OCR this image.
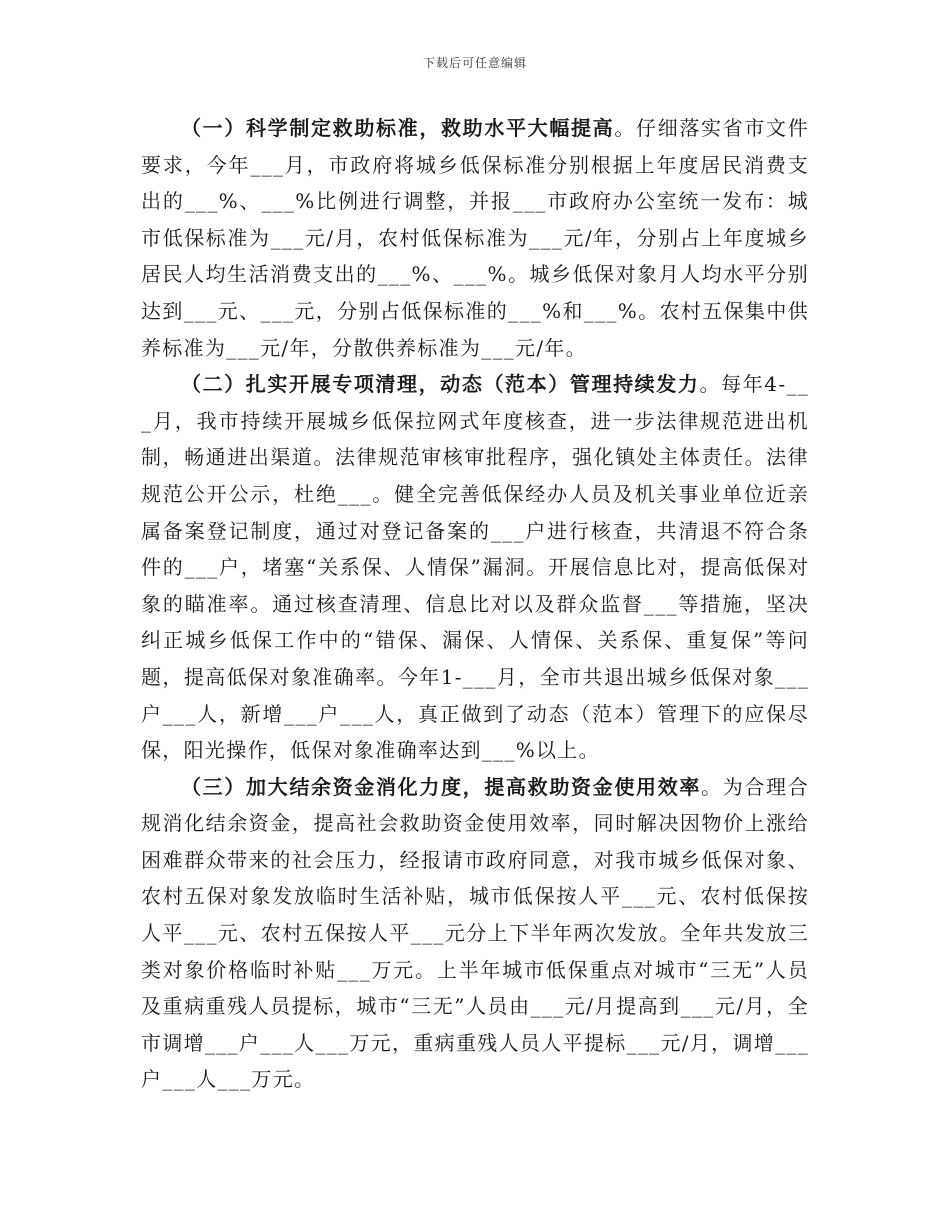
下载后可任意编辑

（一）科学制定救助标准，救助水平大幅提高。仔细落实省市文件要求，今年___月，市政府将城乡低保标准分别根据上年度居民消费支出的___%、___%比例进行调整，并报___市政府办公室统一发布：城市低保标准为___元/月，农村低保标准为___元/年，分别占上年度城乡居民人均生活消费支出的___%、___%。城乡低保对象月人均水平分别达到___元、___元，分别占低保标准的___%和___%。农村五保集中供养标准为___元/年，分散供养标准为___元/年。

（二）扎实开展专项清理，动态（范本）管理持续发力。每年4-___月，我市持续开展城乡低保拉网式年度核查，进一步法律规范进出机制，畅通进出渠道。法律规范审核审批程序，强化镇处主体责任。法律规范公开公示，杜绝___。健全完善低保经办人员及机关事业单位近亲属备案登记制度，通过对登记备案的___户进行核查，共清退不符合条件的___户，堵塞“关系保、人情保”漏洞。开展信息比对，提高低保对象的瞄准率。通过核查清理、信息比对以及群众监督___等措施，坚决纠正城乡低保工作中的“错保、漏保、人情保、关系保、重复保”等问题，提高低保对象准确率。今年1-___月，全市共退出城乡低保对象___户___人，新增___户___人，真正做到了动态（范本）管理下的应保尽保，阳光操作，低保对象准确率达到___%以上。

（三）加大结余资金消化力度，提高救助资金使用效率。为合理合规消化结余资金，提高社会救助资金使用效率，同时解决因物价上涨给困难群众带来的社会压力，经报请市政府同意，对我市城乡低保对象、农村五保对象发放临时生活补贴，城市低保按人平___元、农村低保按人平___元、农村五保按人平___元分上下半年两次发放。全年共发放三类对象价格临时补贴___万元。上半年城市低保重点对城市“三无”人员及重病重残人员提标，城市“三无”人员由___元/月提高到___元/月，全市调增___户___人___万元，重病重残人员人平提标___元/月，调增___户___人___万元。
